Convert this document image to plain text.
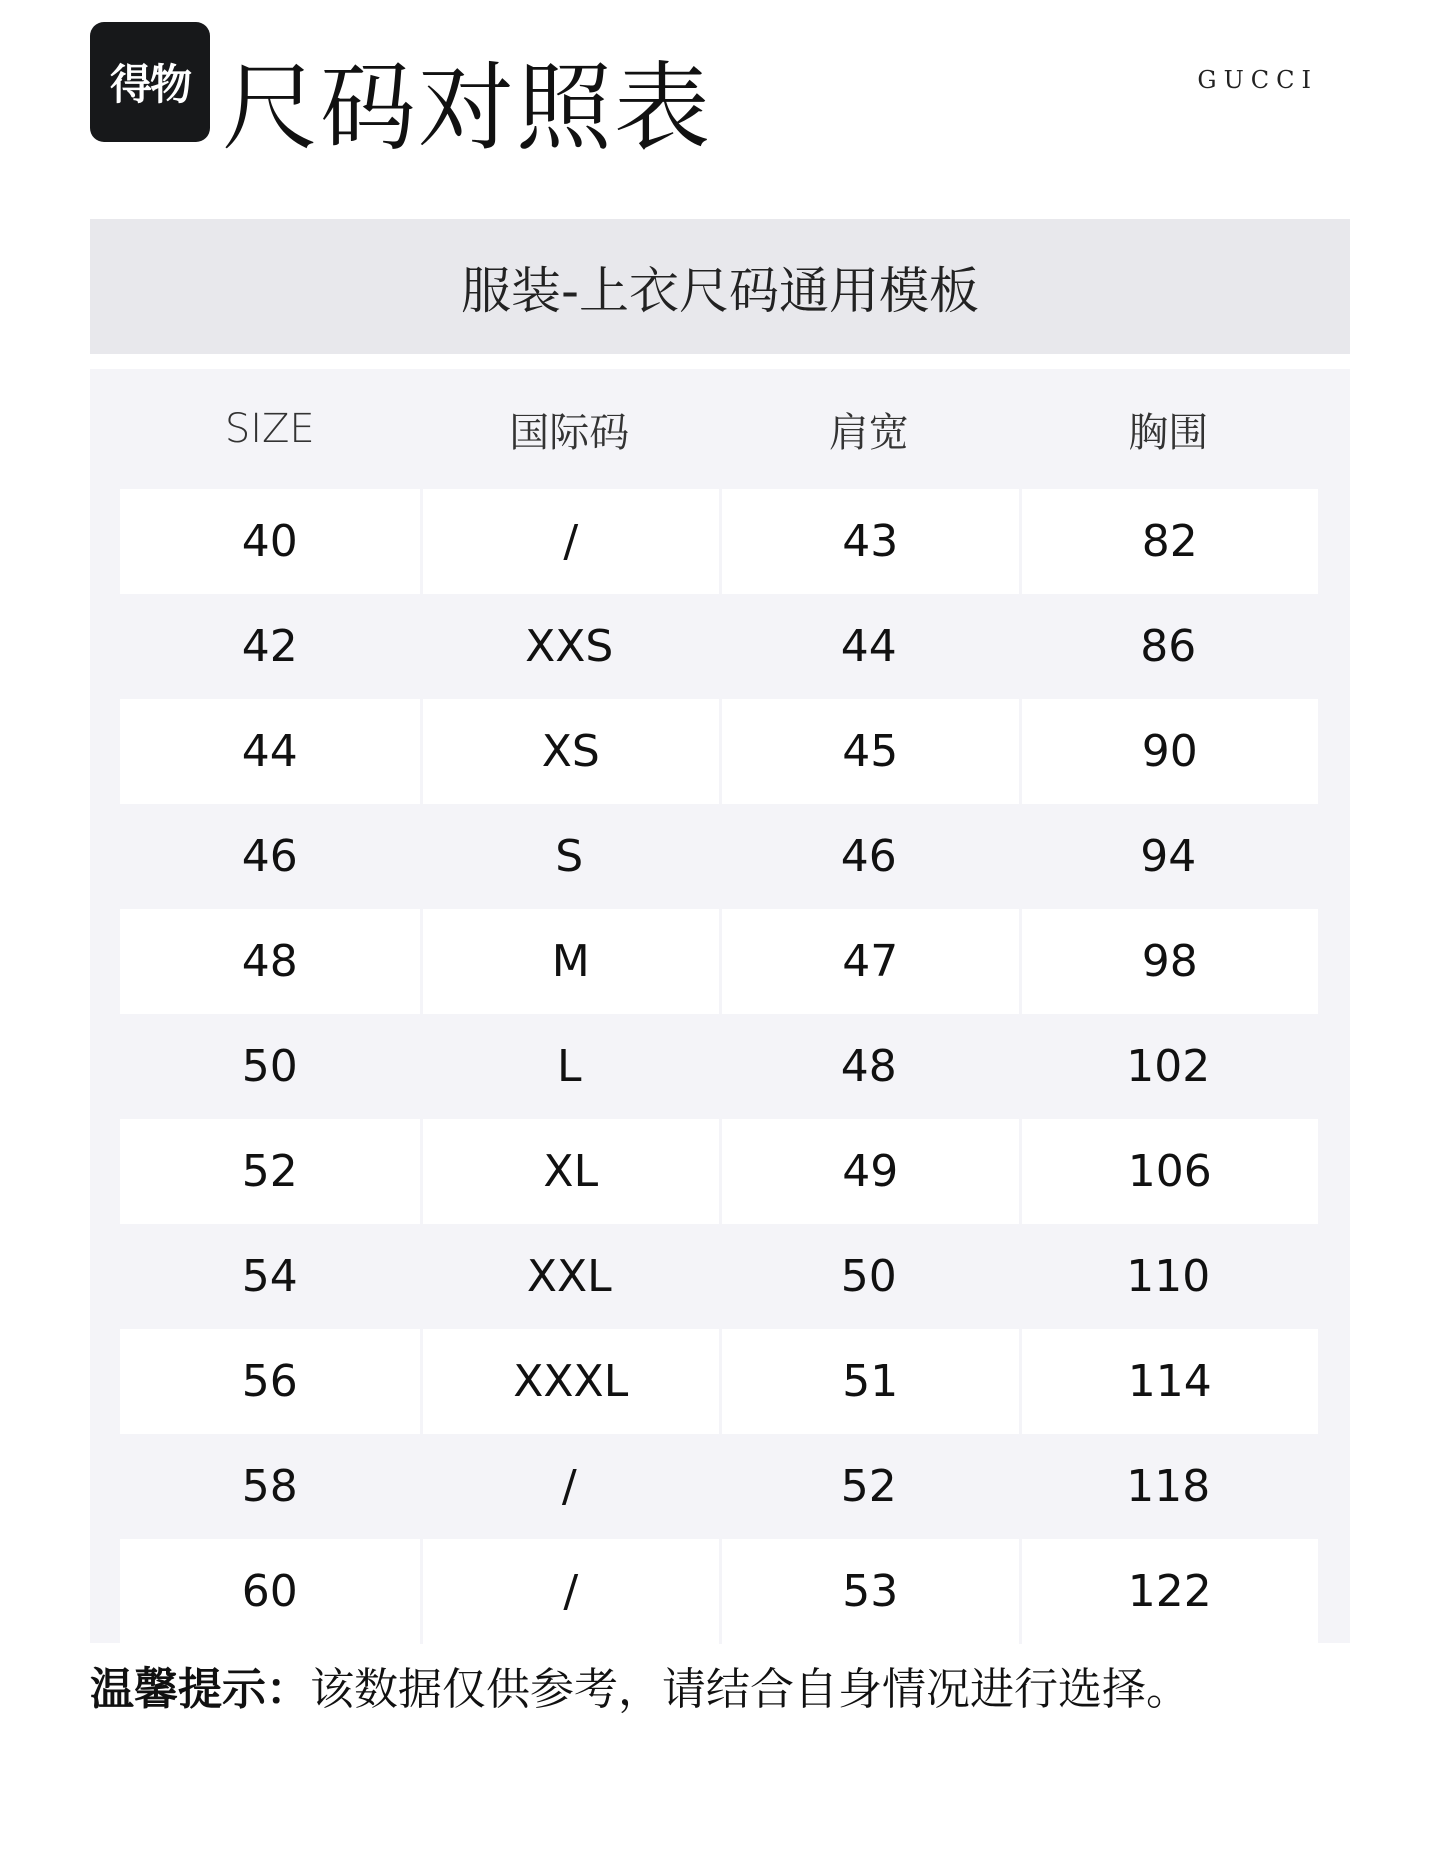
得物 尺码对照表	GUCCI
服装-上衣尺码通用模板
SIZE	国际码	肩宽	胸围
40	/	43	82
42	XXS	44	86
44	XS	45	90
46	S	46	94
48	M	47	98
50	L	48	102
52	XL	49	106
54	XXL	50	110
56	XXXL	51	114
58	/	52	118
60	/	53	122
温馨提示：该数据仅供参考，请结合自身情况进行选择。
